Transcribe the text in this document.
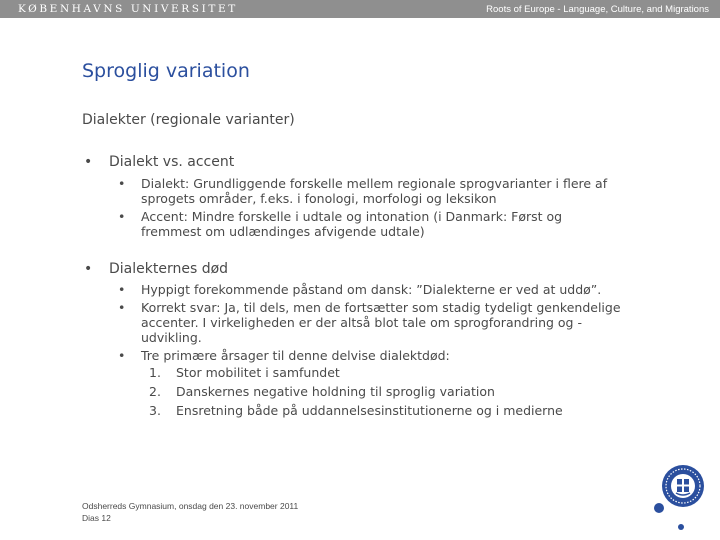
KØBENHAVNS UNIVERSITET	Roots of Europe - Language, Culture, and Migrations
Sproglig variation
Dialekter (regionale varianter)
• Dialekt vs. accent
• Dialekt: Grundliggende forskelle mellem regionale sprogvarianter i flere af sprogets områder, f.eks. i fonologi, morfologi og leksikon
• Accent: Mindre forskelle i udtale og intonation (i Danmark: Først og fremmest om udlændinges afvigende udtale)
• Dialekternes død
• Hyppigt forekommende påstand om dansk: ”Dialekterne er ved at uddø”.
• Korrekt svar: Ja, til dels, men de fortsætter som stadig tydeligt genkendelige accenter. I virkeligheden er der altså blot tale om sprogforandring og -udvikling.
• Tre primære årsager til denne delvise dialektdød:
1. Stor mobilitet i samfundet
2. Danskernes negative holdning til sproglig variation
3. Ensretning både på uddannelsesinstitutionerne og i medierne
Odsherreds Gymnasium, onsdag den 23. november 2011
Dias 12
